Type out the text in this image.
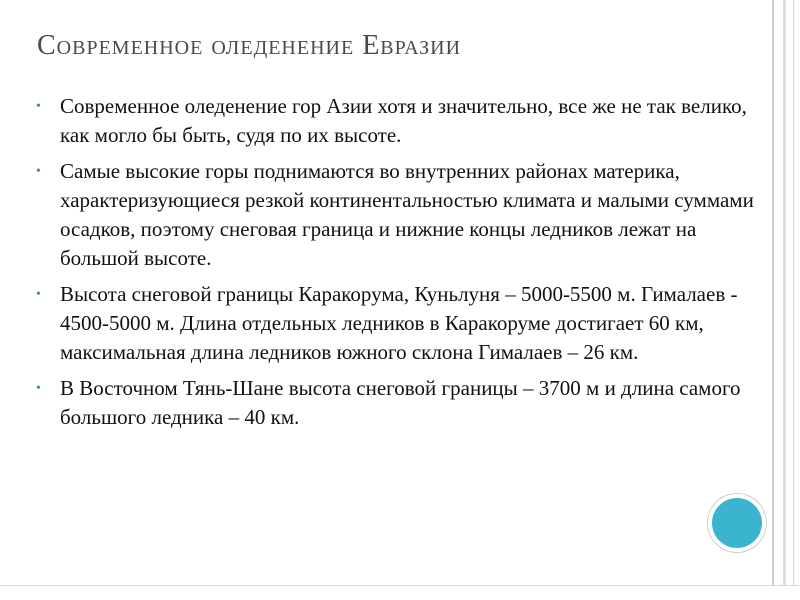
Современное оледенение Евразии
• Современное оледенение гор Азии хотя и значительно, все же не так велико, как могло бы быть, судя по их высоте.
• Самые высокие горы поднимаются во внутренних районах материка, характеризующиеся резкой континентальностью климата и малыми суммами осадков, поэтому снеговая граница и нижние концы ледников лежат на большой высоте.
• Высота снеговой границы Каракорума, Куньлуня – 5000-5500 м. Гималаев - 4500-5000 м. Длина отдельных ледников в Каракоруме достигает 60 км, максимальная длина ледников южного склона Гималаев – 26 км.
• В Восточном Тянь-Шане высота снеговой границы – 3700 м и длина самого большого ледника – 40 км.
